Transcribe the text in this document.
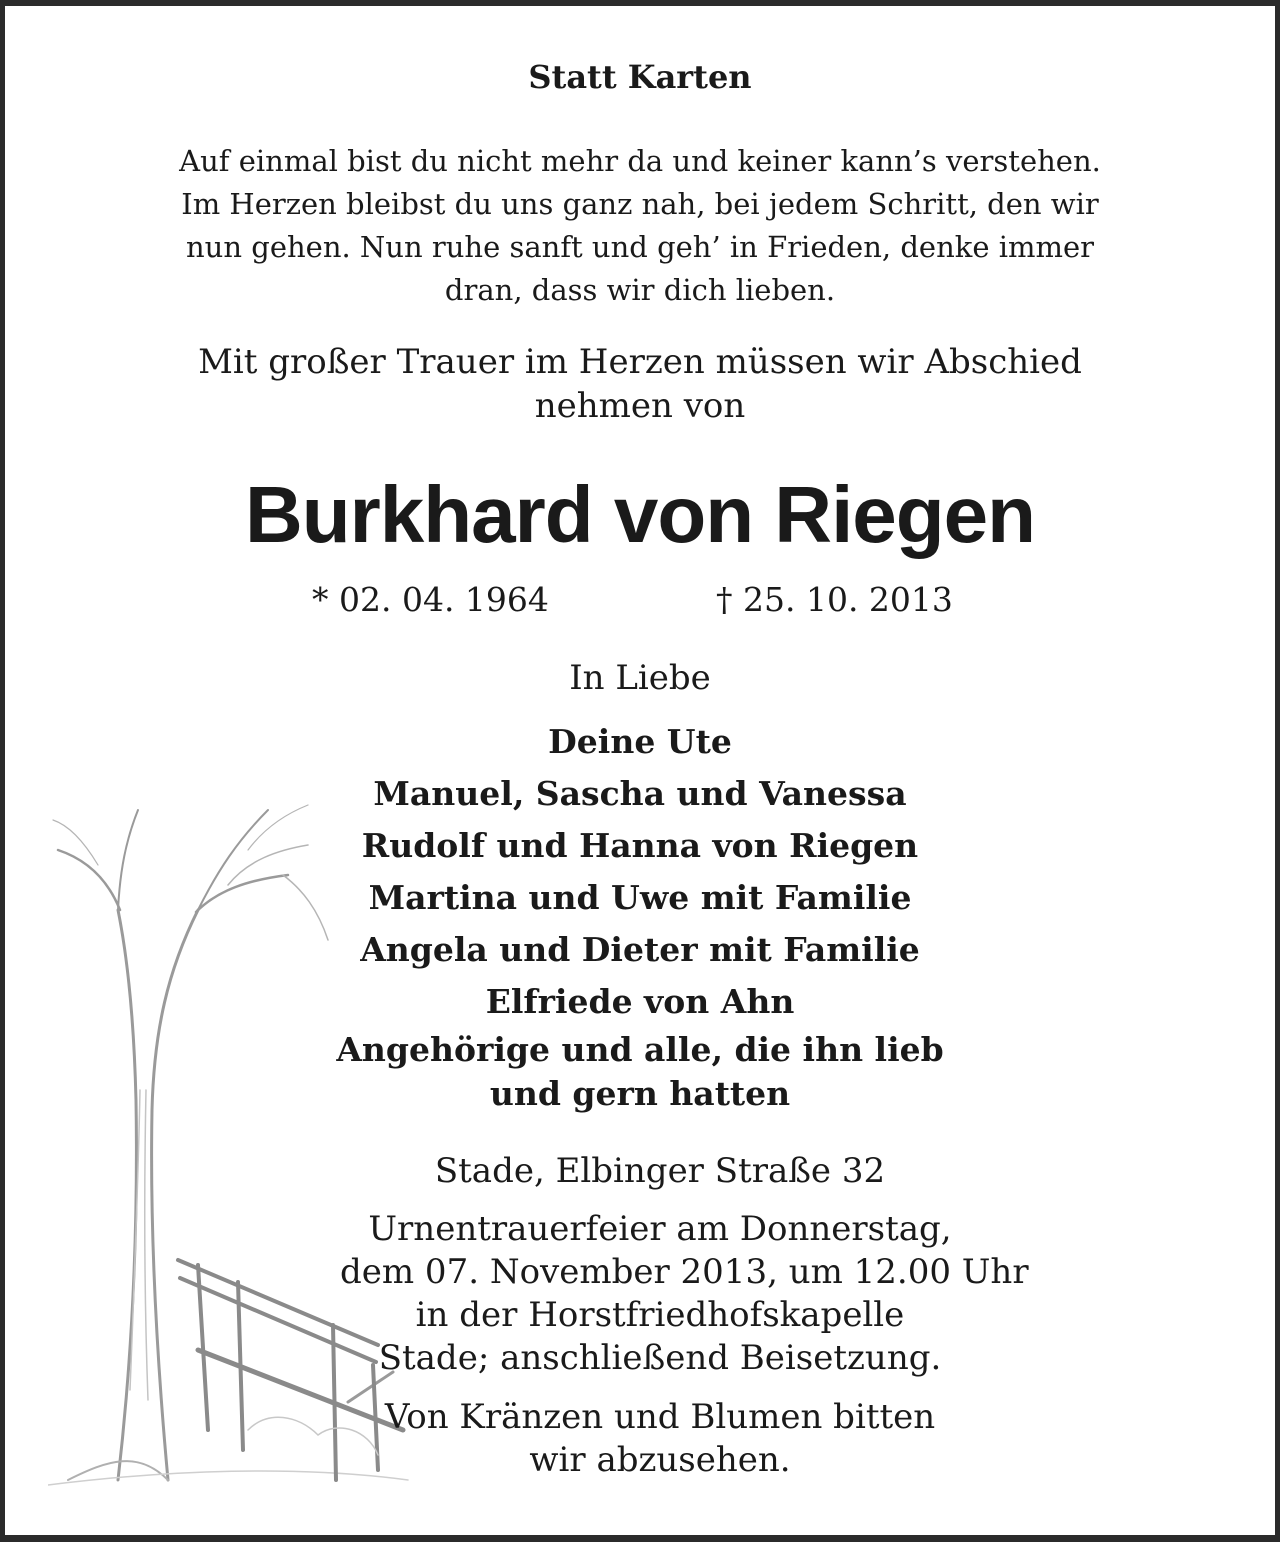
Statt Karten
Auf einmal bist du nicht mehr da und keiner kann’s verstehen.
Im Herzen bleibst du uns ganz nah, bei jedem Schritt, den wir
nun gehen. Nun ruhe sanft und geh’ in Frieden, denke immer
dran, dass wir dich lieben.
Mit großer Trauer im Herzen müssen wir Abschied
nehmen von
Burkhard von Riegen
* 02. 04. 1964	† 25. 10. 2013
In Liebe
Deine Ute
Manuel, Sascha und Vanessa
Rudolf und Hanna von Riegen
Martina und Uwe mit Familie
Angela und Dieter mit Familie
Elfriede von Ahn
Angehörige und alle, die ihn lieb
und gern hatten
Stade, Elbinger Straße 32
Urnentrauerfeier am Donnerstag,
dem 07. November 2013, um 12.00 Uhr
in der Horstfriedhofskapelle
Stade; anschließend Beisetzung.
Von Kränzen und Blumen bitten
wir abzusehen.
